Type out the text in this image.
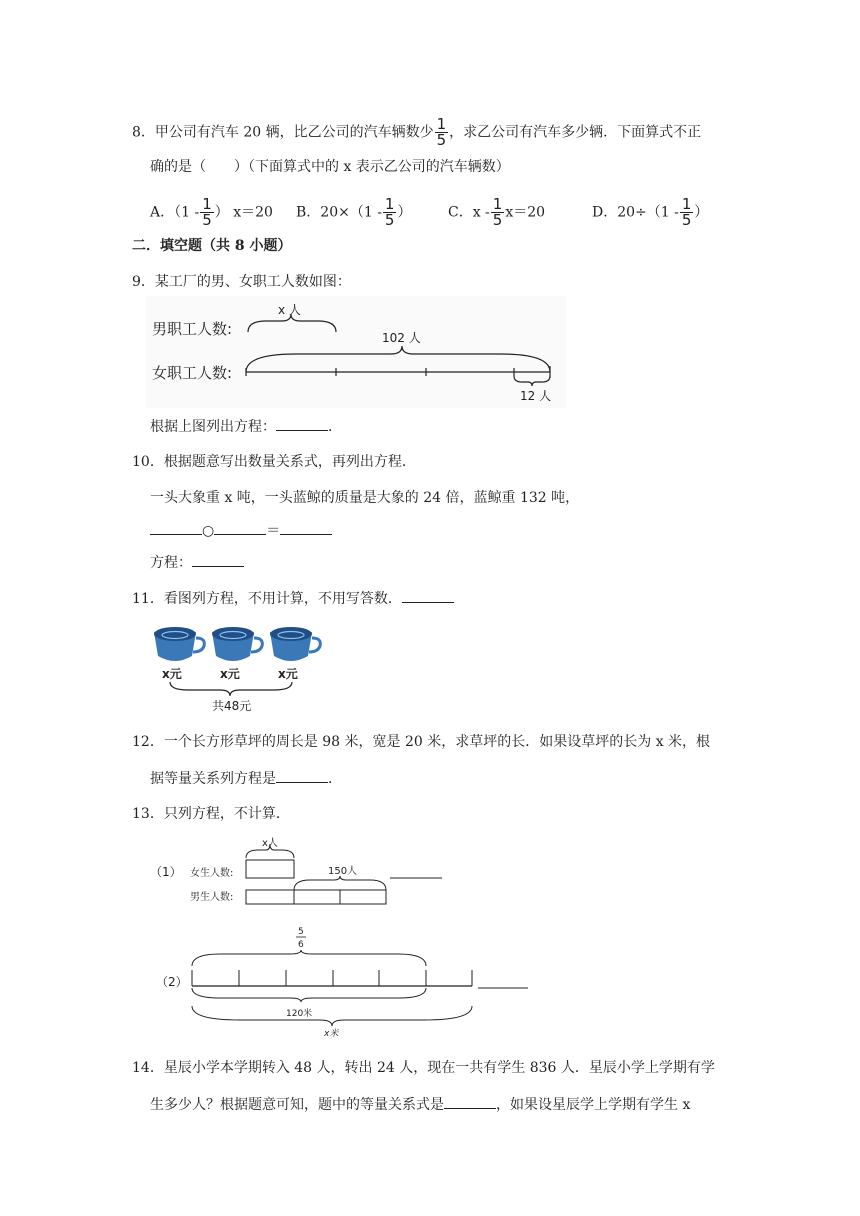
8．甲公司有汽车 20 辆，比乙公司的汽车辆数少 $\frac{1}{5}$ ，求乙公司有汽车多少辆．下面算式不正
确的是（　　）（下面算式中的 x 表示乙公司的汽车辆数）
A．（$1 - \frac{1}{5}$ ） x＝20 B．$20\times(1 - \frac{1}{5}$ ）	C．$x - \frac{1}{5} x=20$	D．$20\div(1 - \frac{1}{5}$ ）
二．填空题（共 8 小题）
9．某工厂的男、女职工人数如图：
男职工人数:
女职工人数:
x 人
102 人
12 人
根据上图列出方程：	．
10．根据题意写出数量关系式，再列出方程．
一头大象重 x 吨，一头蓝鲸的质量是大象的 24 倍，蓝鲸重 132 吨，
○	＝
方程：
11．看图列方程，不用计算，不用写答数．
x元	x元	x元
共48元
12．一个长方形草坪的周长是 98 米，宽是 20 米，求草坪的长．如果设草坪的长为 x 米，根
据等量关系列方程是	．
13．只列方程，不计算．
（1） 女生人数:
男生人数:
x人
150人
5
6
（2）
120米
x米
14．星辰小学本学期转入 48 人，转出 24 人，现在一共有学生 836 人．星辰小学上学期有学
生多少人？根据题意可知，题中的等量关系式是	，如果设星辰学上学期有学生 x
